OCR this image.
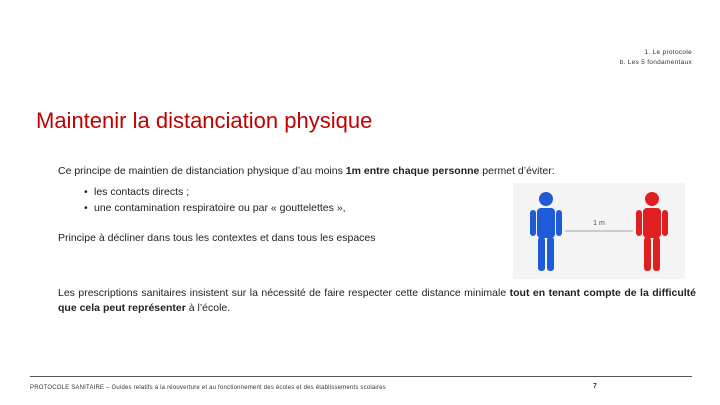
1. Le protocole
b. Les 5 fondamentaux
Maintenir la distanciation physique
Ce principe de maintien de distanciation physique d’au moins 1m entre chaque personne permet d’éviter:
• les contacts directs ;
• une contamination respiratoire ou par « gouttelettes »,
Principe à décliner dans tous les contextes et dans tous les espaces
Les prescriptions sanitaires insistent sur la nécessité de faire respecter cette distance minimale tout en tenant compte de la difficulté que cela peut représenter à l’école.
1 m
PROTOCOLE SANITAIRE – Guides relatifs à la réouverture et au fonctionnement des écoles et des établissements scolaires	7
